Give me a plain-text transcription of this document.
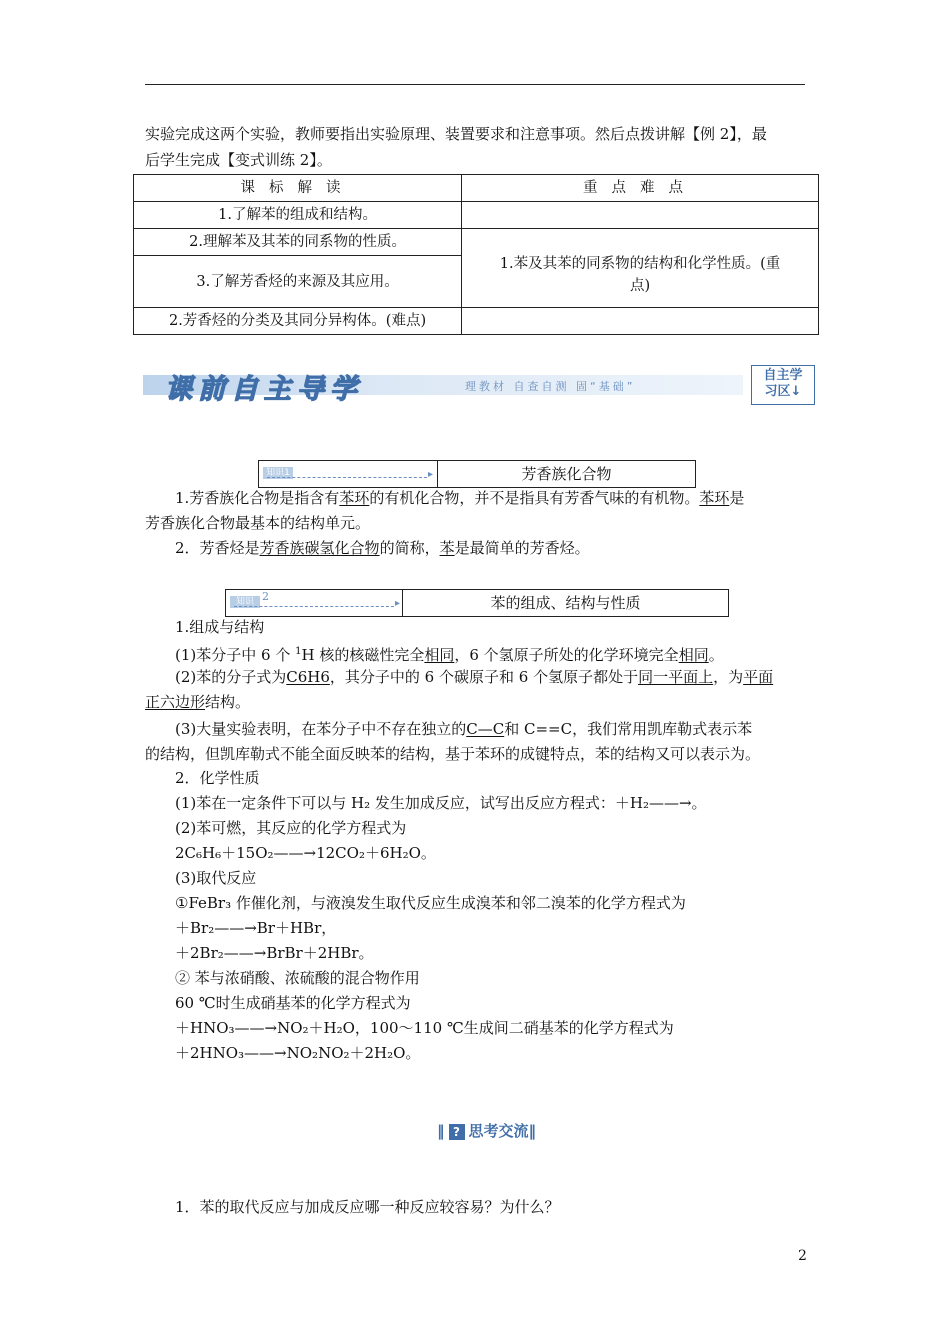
实验完成这两个实验，教师要指出实验原理、装置要求和注意事项。然后点拨讲解【例 2】，最
后学生完成【变式训练 2】。
课标解读	重点难点
1.了解苯的组成和结构。	
2.理解苯及其苯的同系物的性质。	1.苯及其苯的同系物的结构和化学性质。(重
点)

3.了解芳香烃的来源及其应用。	
2.芳香烃的分类及其同分异构体。(难点)	
课前自主导学	理教材 自查自测 固“基础”
自主学
习区↓
知识1 ▸	芳香族化合物
1.芳香族化合物是指含有苯环的有机化合物，并不是指具有芳香气味的有机物。苯环是
芳香族化合物最基本的结构单元。
2．芳香烃是芳香族碳氢化合物的简称，苯是最简单的芳香烃。
知识 2 ▸	苯的组成、结构与性质
1.组成与结构
(1)苯分子中 6 个 $^1$H 核的核磁性完全相同，6 个氢原子所处的化学环境完全相同。
(2)苯的分子式为C6H6，其分子中的 6 个碳原子和 6 个氢原子都处于同一平面上，为平面
正六边形结构。
(3)大量实验表明，在苯分子中不存在独立的C—C和 C==C，我们常用凯库勒式表示苯
的结构，但凯库勒式不能全面反映苯的结构，基于苯环的成键特点，苯的结构又可以表示为。
2．化学性质
(1)苯在一定条件下可以与 H₂ 发生加成反应，试写出反应方程式：＋H₂——→。
(2)苯可燃，其反应的化学方程式为
2C₆H₆＋15O₂——→12CO₂＋6H₂O。
(3)取代反应
①FeBr₃ 作催化剂，与液溴发生取代反应生成溴苯和邻二溴苯的化学方程式为
＋Br₂——→Br＋HBr，
＋2Br₂——→BrBr＋2HBr。
② 苯与浓硝酸、浓硫酸的混合物作用
60 ℃时生成硝基苯的化学方程式为
＋HNO₃——→NO₂＋H₂O，100～110 ℃生成间二硝基苯的化学方程式为
＋2HNO₃——→NO₂NO₂＋2H₂O。
‖ ? 思考交流‖
1．苯的取代反应与加成反应哪一种反应较容易？为什么？
2
